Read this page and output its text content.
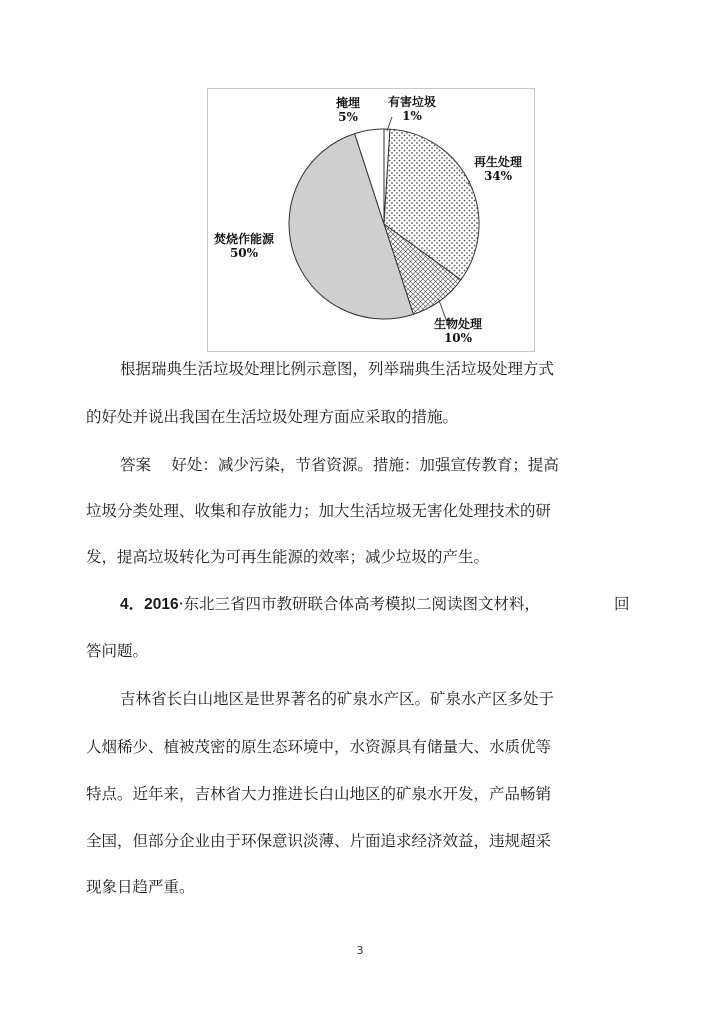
掩埋
5%
有害垃圾
1%
再生处理
34%
生物处理
10%
焚烧作能源
50%
根据瑞典生活垃圾处理比例示意图，列举瑞典生活垃圾处理方式
的好处并说出我国在生活垃圾处理方面应采取的措施。
答案　 好处：减少污染，节省资源。措施：加强宣传教育；提高
垃圾分类处理、收集和存放能力；加大生活垃圾无害化处理技术的研
发，提高垃圾转化为可再生能源的效率；减少垃圾的产生。
4．2016·东北三省四市教研联合体高考模拟二阅读图文材料，	回
答问题。
吉林省长白山地区是世界著名的矿泉水产区。矿泉水产区多处于
人烟稀少、植被茂密的原生态环境中，水资源具有储量大、水质优等
特点。近年来，吉林省大力推进长白山地区的矿泉水开发，产品畅销
全国，但部分企业由于环保意识淡薄、片面追求经济效益，违规超采
现象日趋严重。
3
